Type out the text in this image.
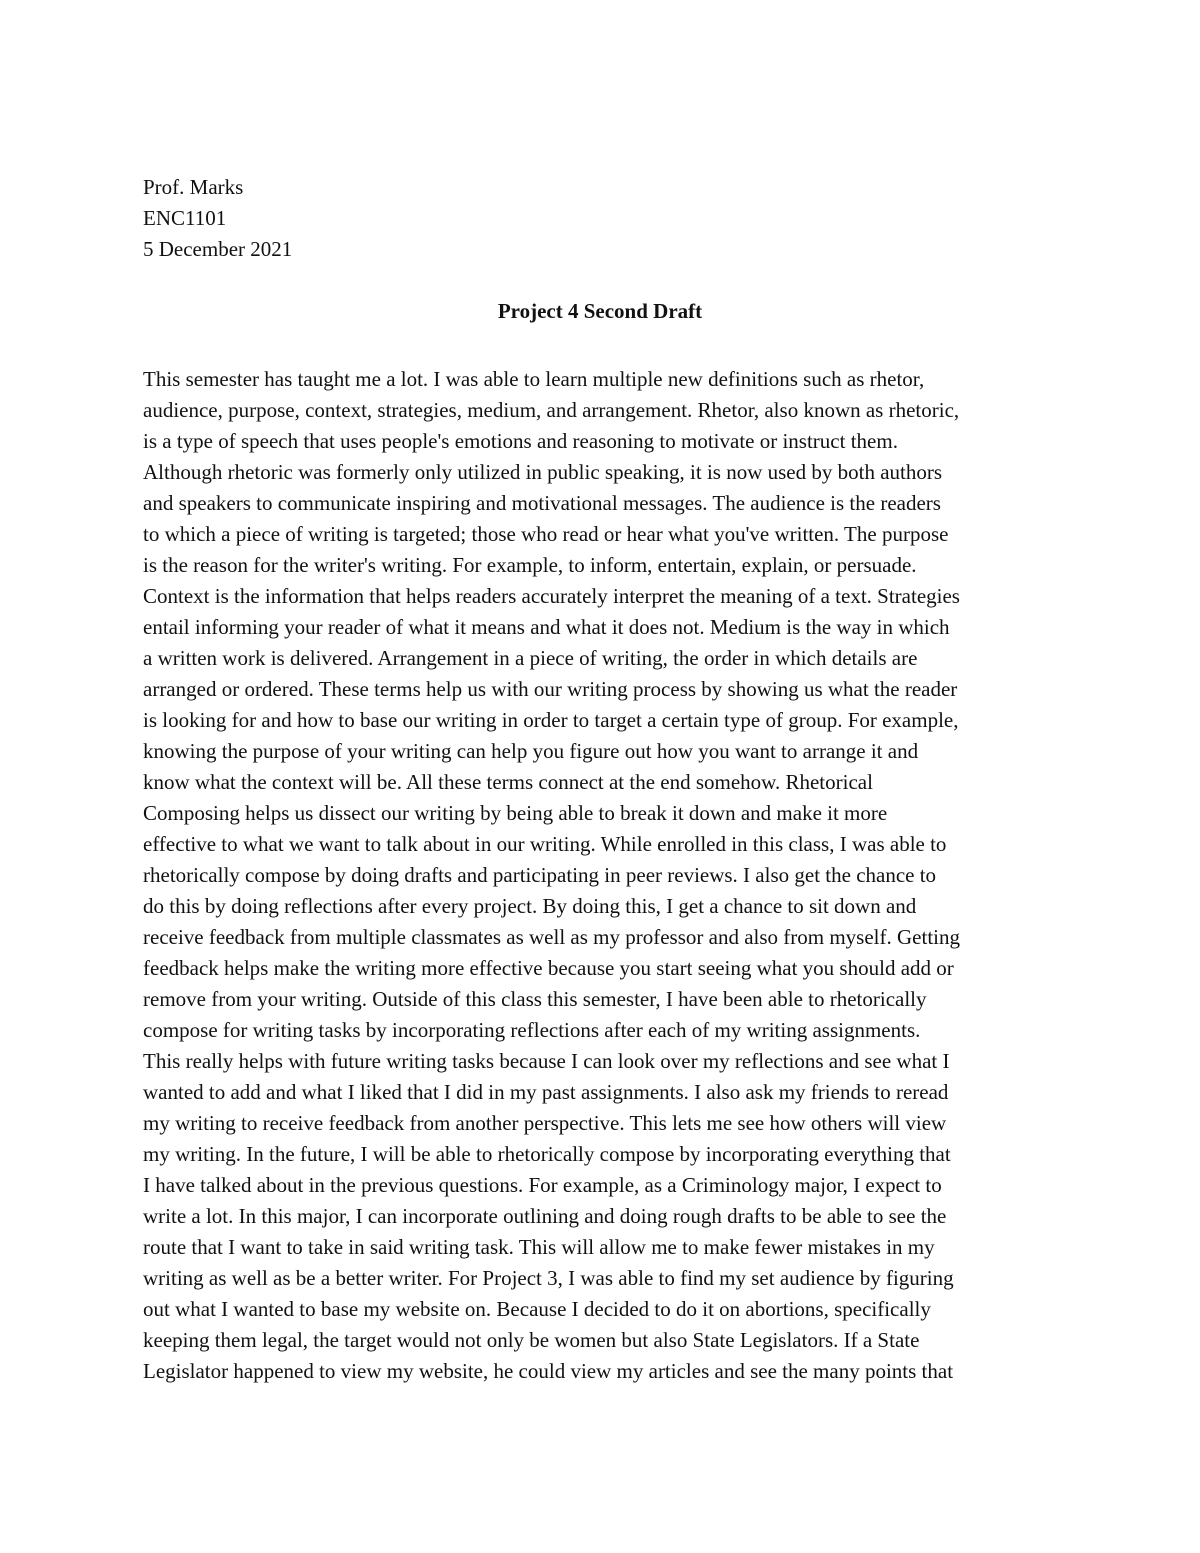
Prof. Marks
ENC1101
5 December 2021
Project 4 Second Draft
This semester has taught me a lot. I was able to learn multiple new definitions such as rhetor,
audience, purpose, context, strategies, medium, and arrangement. Rhetor, also known as rhetoric,
is a type of speech that uses people's emotions and reasoning to motivate or instruct them.
Although rhetoric was formerly only utilized in public speaking, it is now used by both authors
and speakers to communicate inspiring and motivational messages. The audience is the readers
to which a piece of writing is targeted; those who read or hear what you've written. The purpose
is the reason for the writer's writing. For example, to inform, entertain, explain, or persuade.
Context is the information that helps readers accurately interpret the meaning of a text. Strategies
entail informing your reader of what it means and what it does not. Medium is the way in which
a written work is delivered. Arrangement in a piece of writing, the order in which details are
arranged or ordered. These terms help us with our writing process by showing us what the reader
is looking for and how to base our writing in order to target a certain type of group. For example,
knowing the purpose of your writing can help you figure out how you want to arrange it and
know what the context will be. All these terms connect at the end somehow. Rhetorical
Composing helps us dissect our writing by being able to break it down and make it more
effective to what we want to talk about in our writing. While enrolled in this class, I was able to
rhetorically compose by doing drafts and participating in peer reviews. I also get the chance to
do this by doing reflections after every project. By doing this, I get a chance to sit down and
receive feedback from multiple classmates as well as my professor and also from myself. Getting
feedback helps make the writing more effective because you start seeing what you should add or
remove from your writing. Outside of this class this semester, I have been able to rhetorically
compose for writing tasks by incorporating reflections after each of my writing assignments.
This really helps with future writing tasks because I can look over my reflections and see what I
wanted to add and what I liked that I did in my past assignments. I also ask my friends to reread
my writing to receive feedback from another perspective. This lets me see how others will view
my writing. In the future, I will be able to rhetorically compose by incorporating everything that
I have talked about in the previous questions. For example, as a Criminology major, I expect to
write a lot. In this major, I can incorporate outlining and doing rough drafts to be able to see the
route that I want to take in said writing task. This will allow me to make fewer mistakes in my
writing as well as be a better writer. For Project 3, I was able to find my set audience by figuring
out what I wanted to base my website on. Because I decided to do it on abortions, specifically
keeping them legal, the target would not only be women but also State Legislators. If a State
Legislator happened to view my website, he could view my articles and see the many points that
